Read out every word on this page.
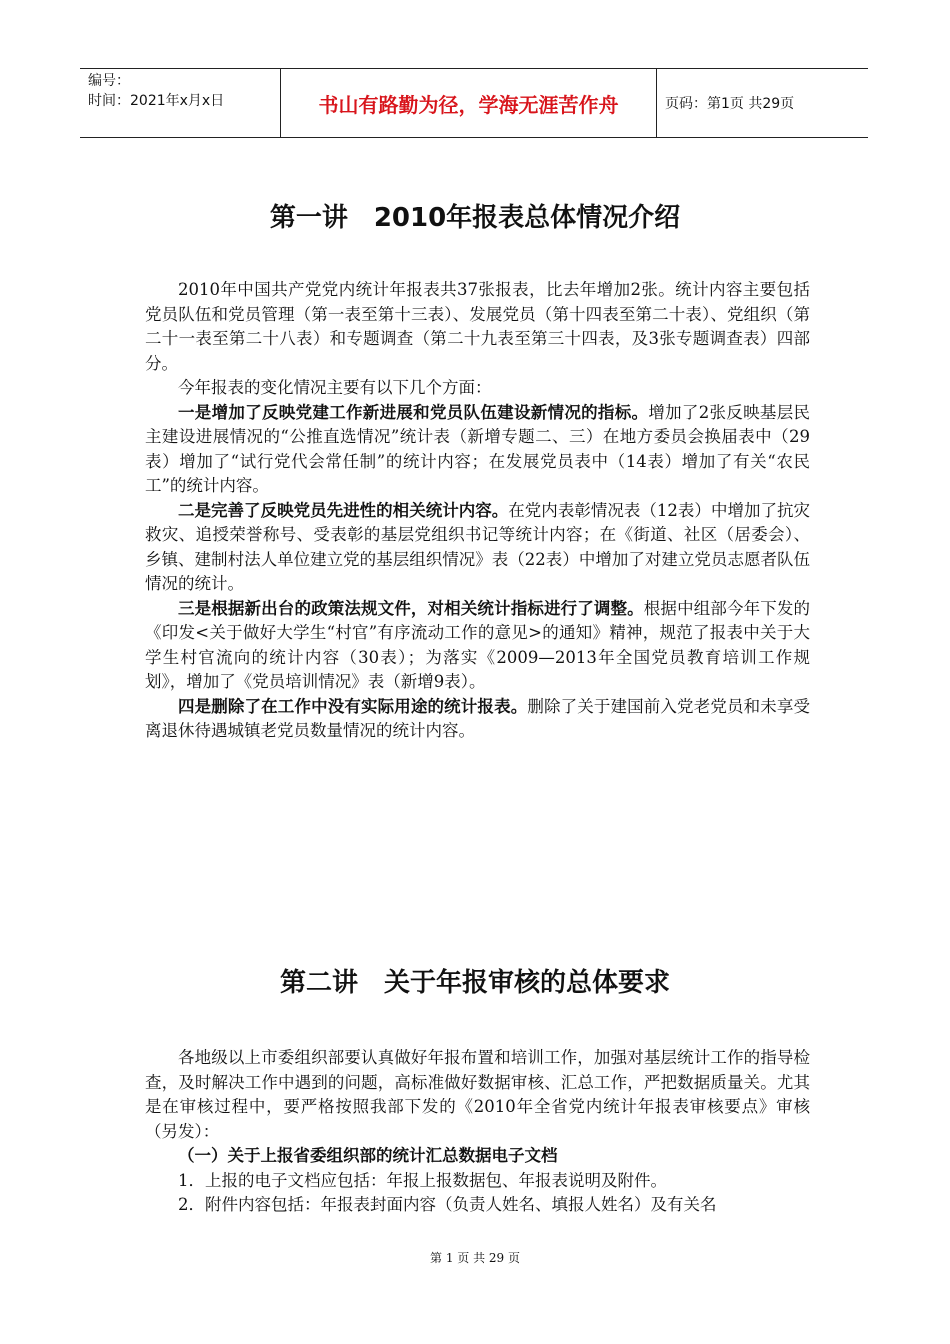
编号：
时间：2021年x月x日	书山有路勤为径，学海无涯苦作舟	页码：第1页 共29页
第一讲　2010年报表总体情况介绍

2010年中国共产党党内统计年报表共37张报表，比去年增加2张。统计内容主要包括党员队伍和党员管理（第一表至第十三表）、发展党员（第十四表至第二十表）、党组织（第二十一表至第二十八表）和专题调查（第二十九表至第三十四表，及3张专题调查表）四部分。

今年报表的变化情况主要有以下几个方面：

一是增加了反映党建工作新进展和党员队伍建设新情况的指标。增加了2张反映基层民主建设进展情况的“公推直选情况”统计表（新增专题二、三）在地方委员会换届表中（29表）增加了“试行党代会常任制”的统计内容；在发展党员表中（14表）增加了有关“农民工”的统计内容。

二是完善了反映党员先进性的相关统计内容。在党内表彰情况表（12表）中增加了抗灾救灾、追授荣誉称号、受表彰的基层党组织书记等统计内容；在《街道、社区（居委会）、乡镇、建制村法人单位建立党的基层组织情况》表（22表）中增加了对建立党员志愿者队伍情况的统计。

三是根据新出台的政策法规文件，对相关统计指标进行了调整。根据中组部今年下发的《印发<关于做好大学生“村官”有序流动工作的意见>的通知》精神，规范了报表中关于大学生村官流向的统计内容（30表）；为落实《2009—2013年全国党员教育培训工作规划》，增加了《党员培训情况》表（新增9表）。

四是删除了在工作中没有实际用途的统计报表。删除了关于建国前入党老党员和未享受离退休待遇城镇老党员数量情况的统计内容。

第二讲　关于年报审核的总体要求

各地级以上市委组织部要认真做好年报布置和培训工作，加强对基层统计工作的指导检查，及时解决工作中遇到的问题，高标准做好数据审核、汇总工作，严把数据质量关。尤其是在审核过程中，要严格按照我部下发的《2010年全省党内统计年报表审核要点》审核（另发）：

（一）关于上报省委组织部的统计汇总数据电子文档

1．上报的电子文档应包括：年报上报数据包、年报表说明及附件。

2．附件内容包括：年报表封面内容（负责人姓名、填报人姓名）及有关名

第 1 页 共 29 页
